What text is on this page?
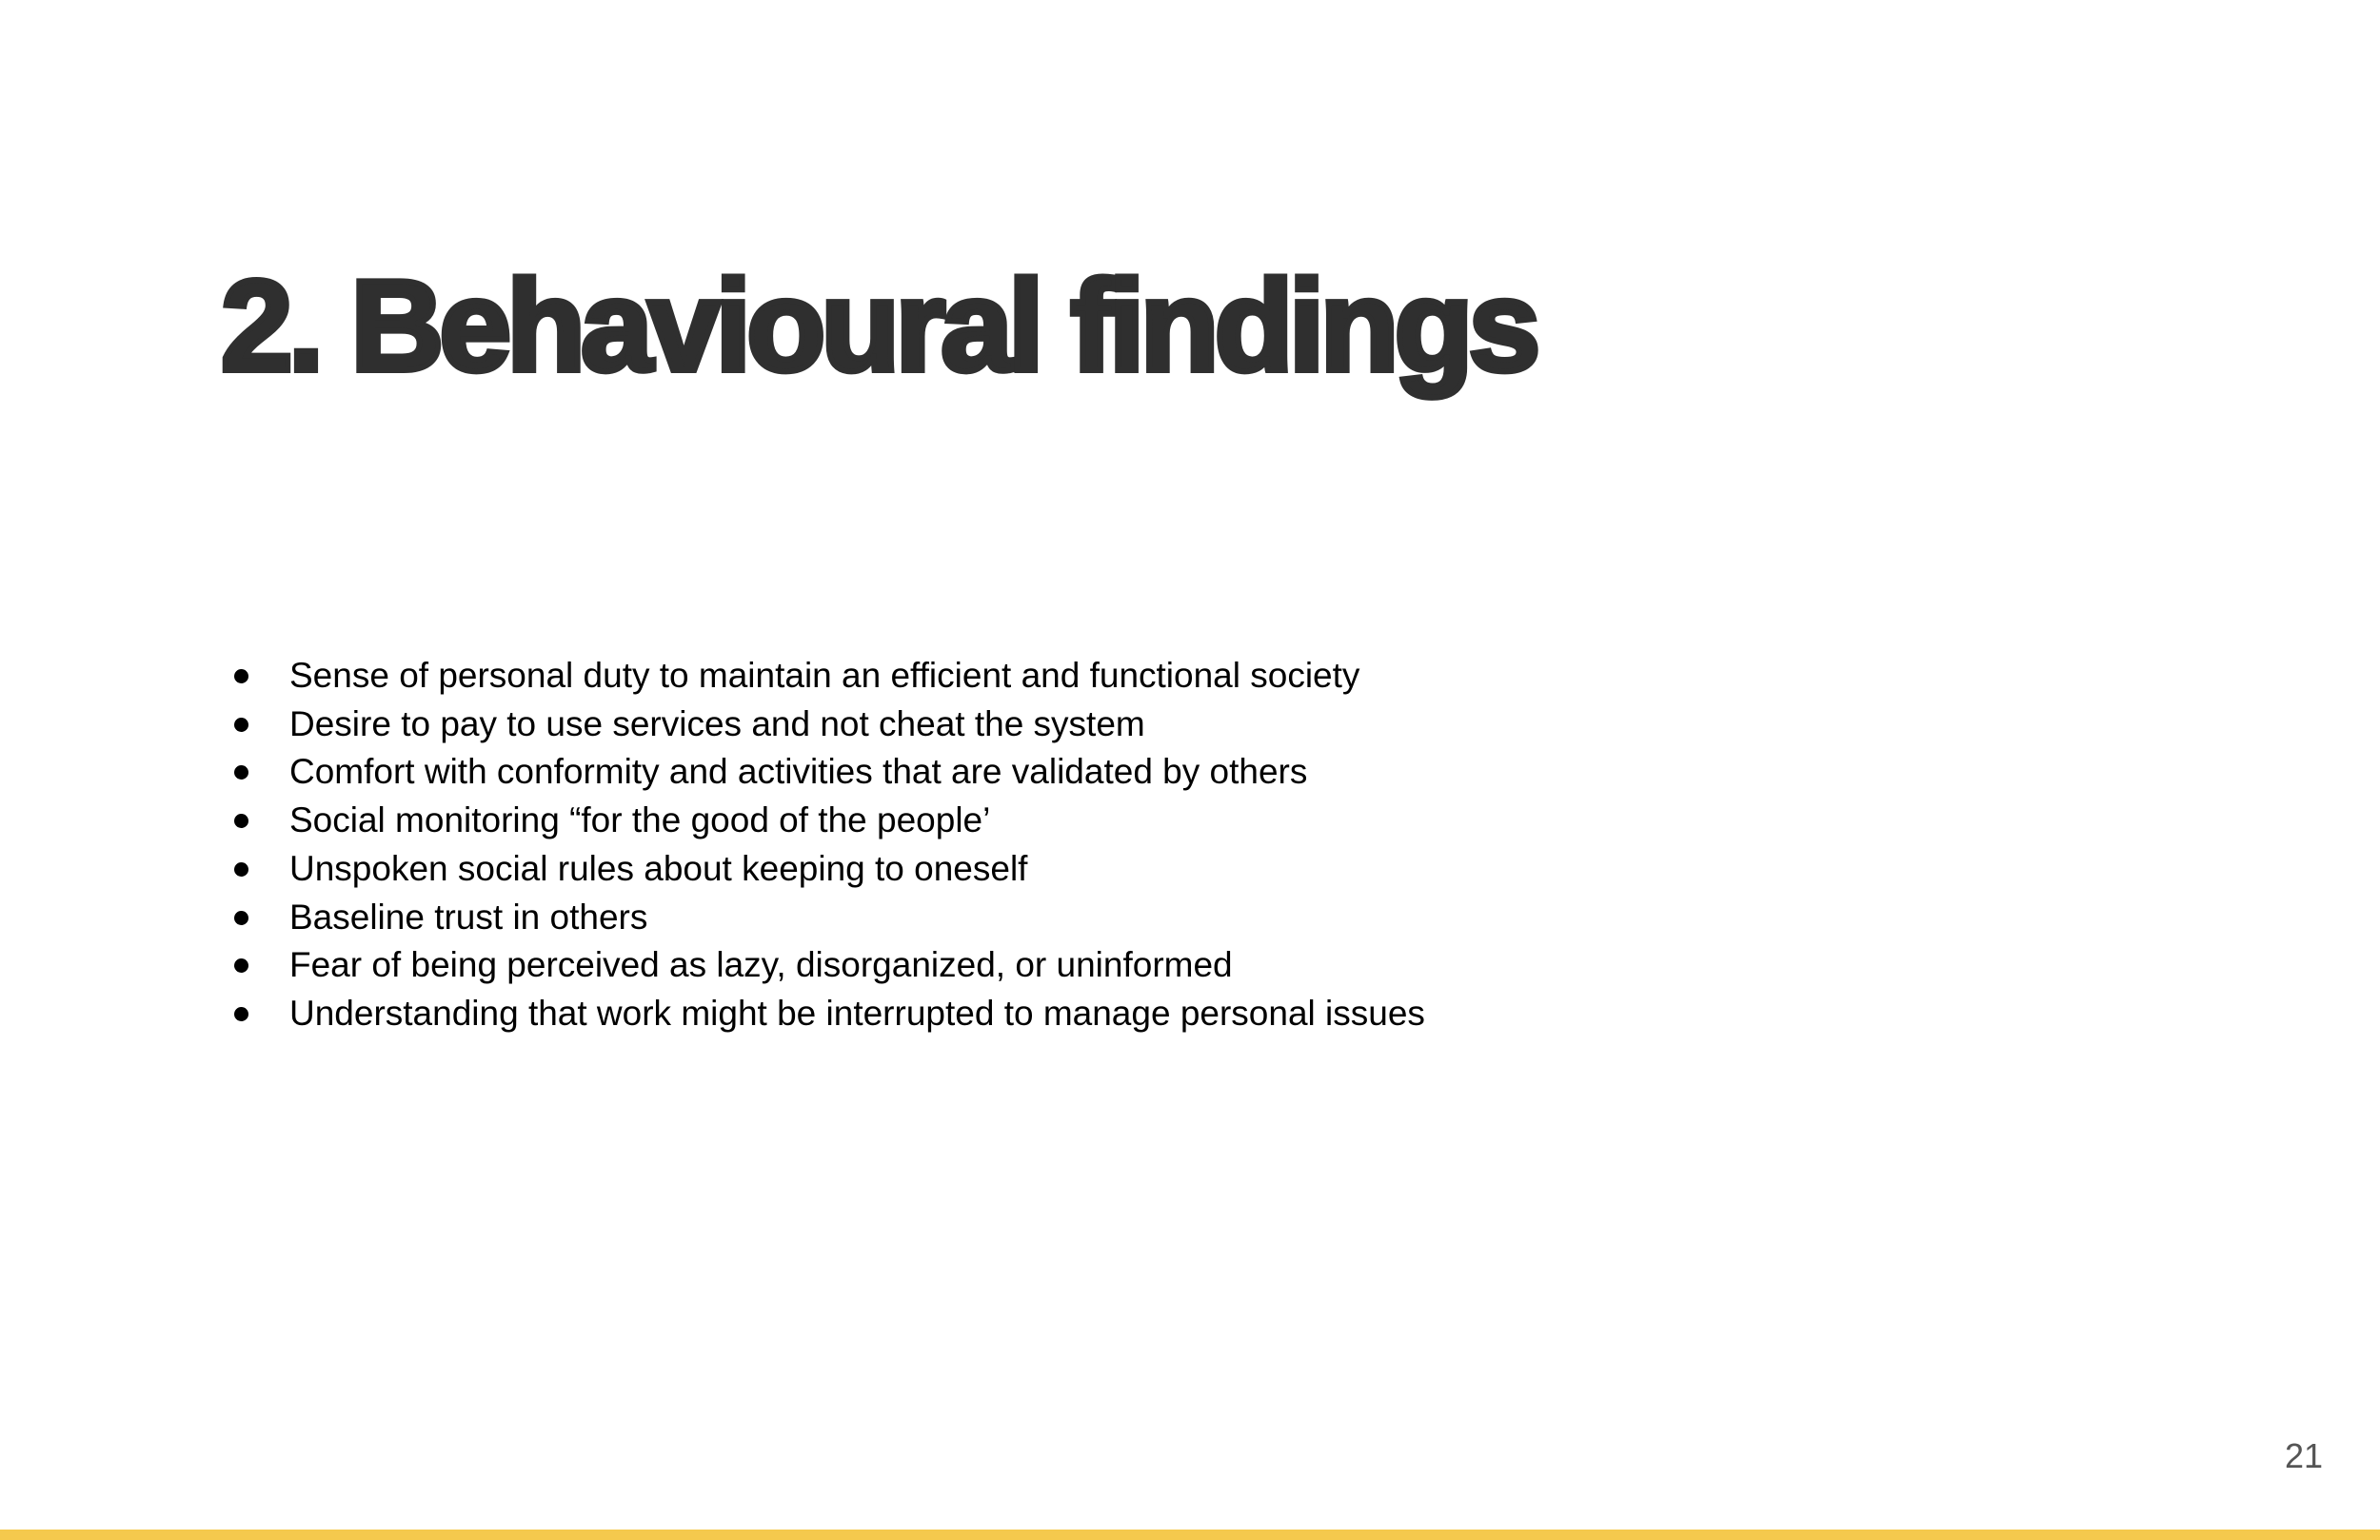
2. Behavioural findings
Sense of personal duty to maintain an efficient and functional society
Desire to pay to use services and not cheat the system
Comfort with conformity and activities that are validated by others
Social monitoring “for the good of the people’
Unspoken social rules about keeping to oneself
Baseline trust in others
Fear of being perceived as lazy, disorganized, or uninformed
Understanding that work might be interrupted to manage personal issues
21
